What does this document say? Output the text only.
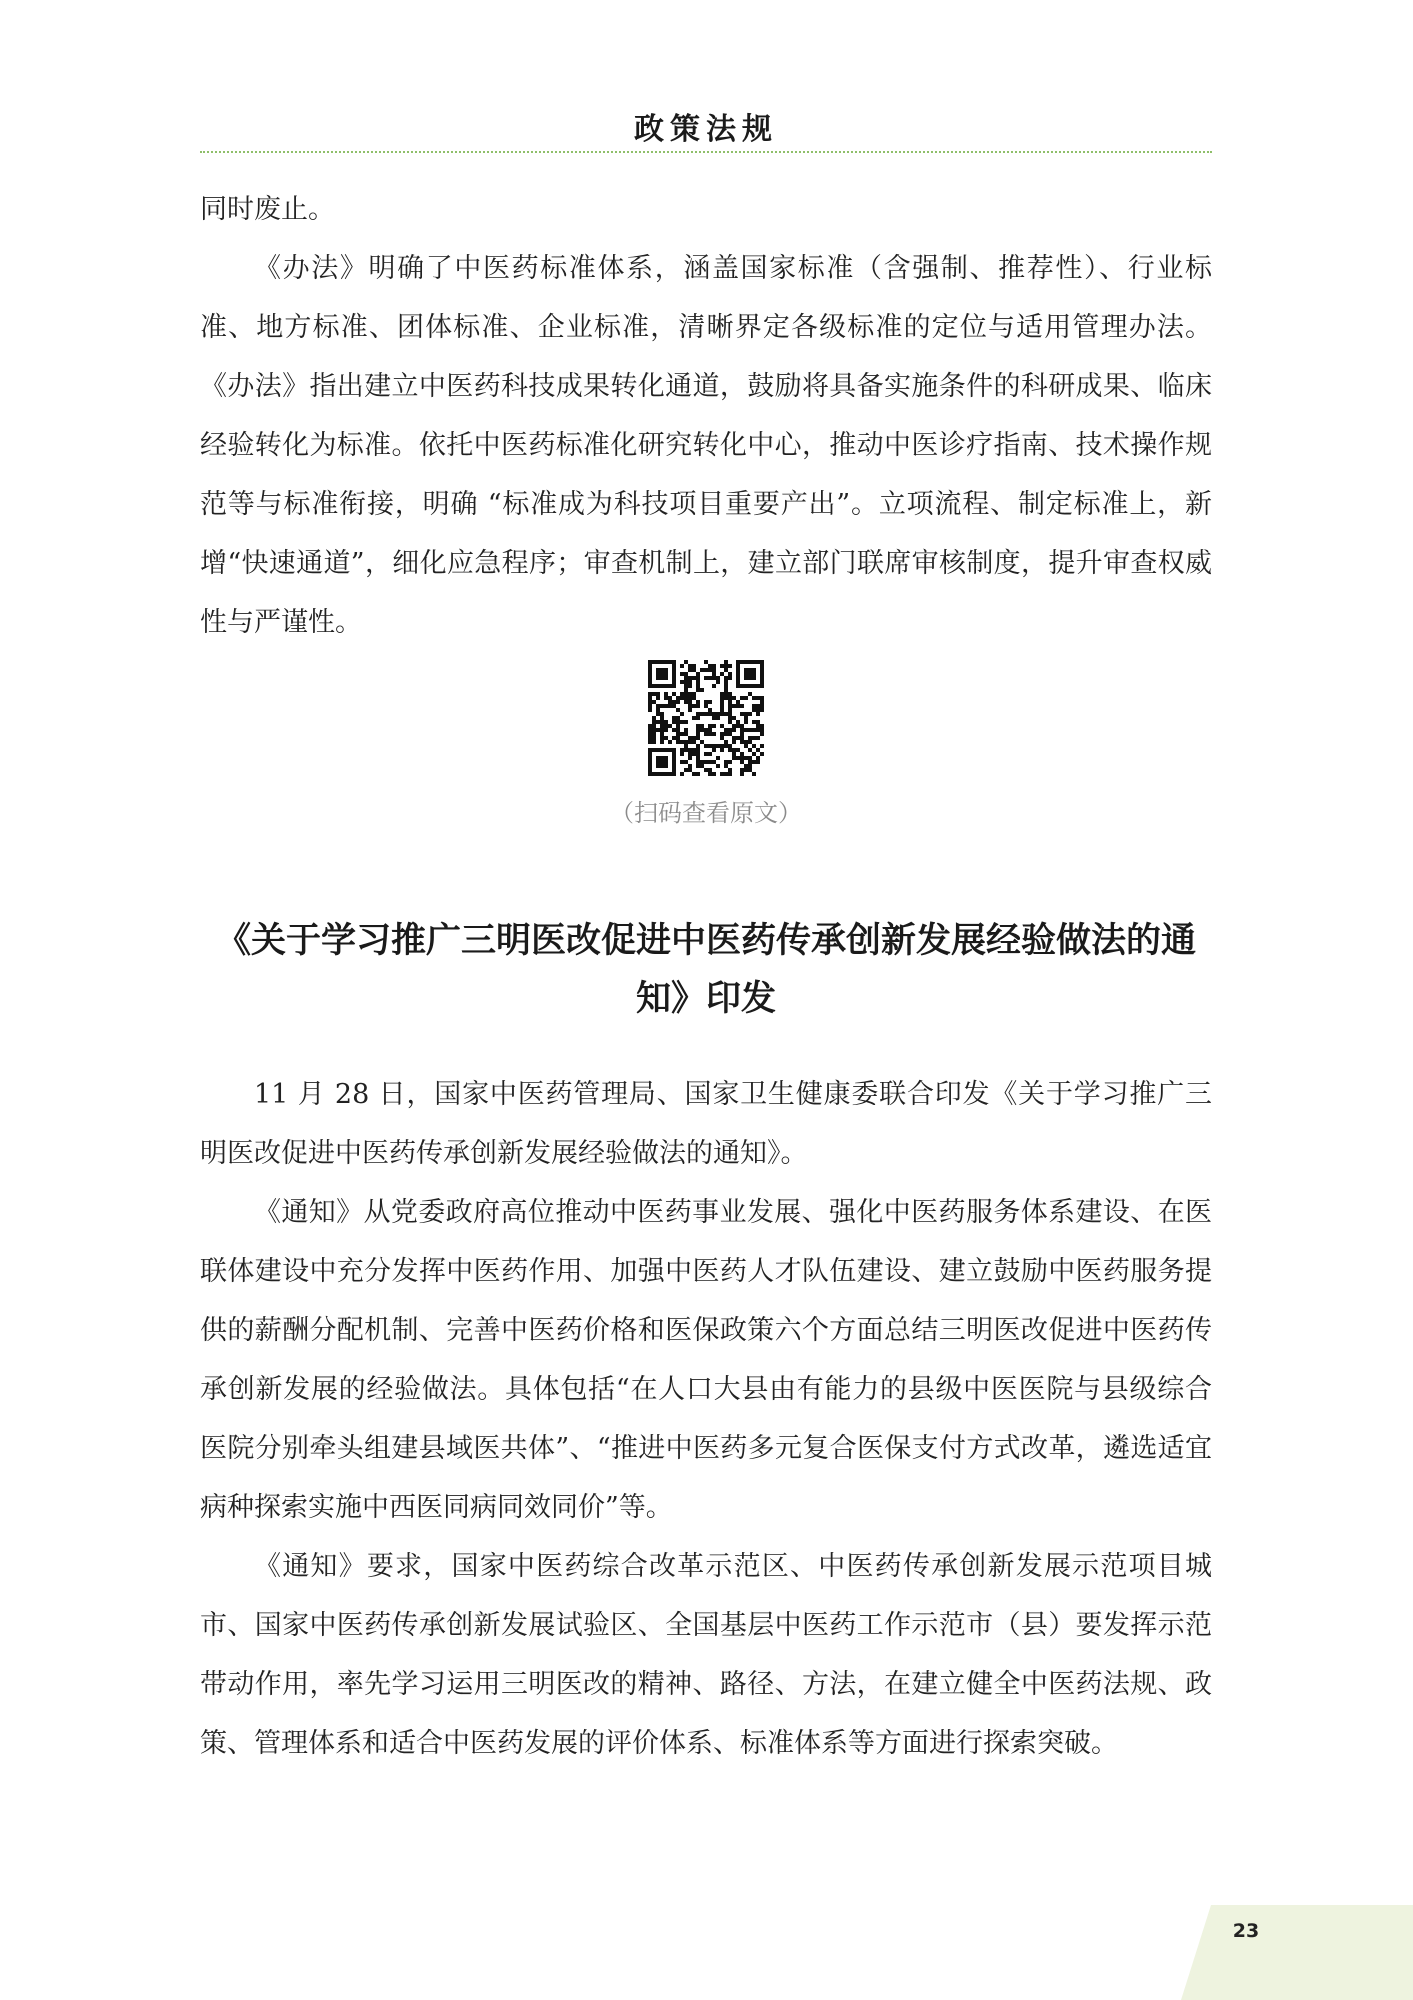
政策法规

同时废止。

《办法》明确了中医药标准体系，涵盖国家标准（含强制、推荐性）、行业标准、地方标准、团体标准、企业标准，清晰界定各级标准的定位与适用管理办法。《办法》指出建立中医药科技成果转化通道，鼓励将具备实施条件的科研成果、临床经验转化为标准。依托中医药标准化研究转化中心，推动中医诊疗指南、技术操作规范等与标准衔接，明确 “标准成为科技项目重要产出”。立项流程、制定标准上，新增“快速通道”，细化应急程序；审查机制上，建立部门联席审核制度，提升审查权威性与严谨性。

（扫码查看原文）
《关于学习推广三明医改促进中医药传承创新发展经验做法的通
知》印发

11 月 28 日，国家中医药管理局、国家卫生健康委联合印发《关于学习推广三明医改促进中医药传承创新发展经验做法的通知》。

《通知》从党委政府高位推动中医药事业发展、强化中医药服务体系建设、在医联体建设中充分发挥中医药作用、加强中医药人才队伍建设、建立鼓励中医药服务提供的薪酬分配机制、完善中医药价格和医保政策六个方面总结三明医改促进中医药传承创新发展的经验做法。具体包括“在人口大县由有能力的县级中医医院与县级综合医院分别牵头组建县域医共体”、“推进中医药多元复合医保支付方式改革，遴选适宜病种探索实施中西医同病同效同价”等。

《通知》要求，国家中医药综合改革示范区、中医药传承创新发展示范项目城市、国家中医药传承创新发展试验区、全国基层中医药工作示范市（县）要发挥示范带动作用，率先学习运用三明医改的精神、路径、方法，在建立健全中医药法规、政策、管理体系和适合中医药发展的评价体系、标准体系等方面进行探索突破。

23
